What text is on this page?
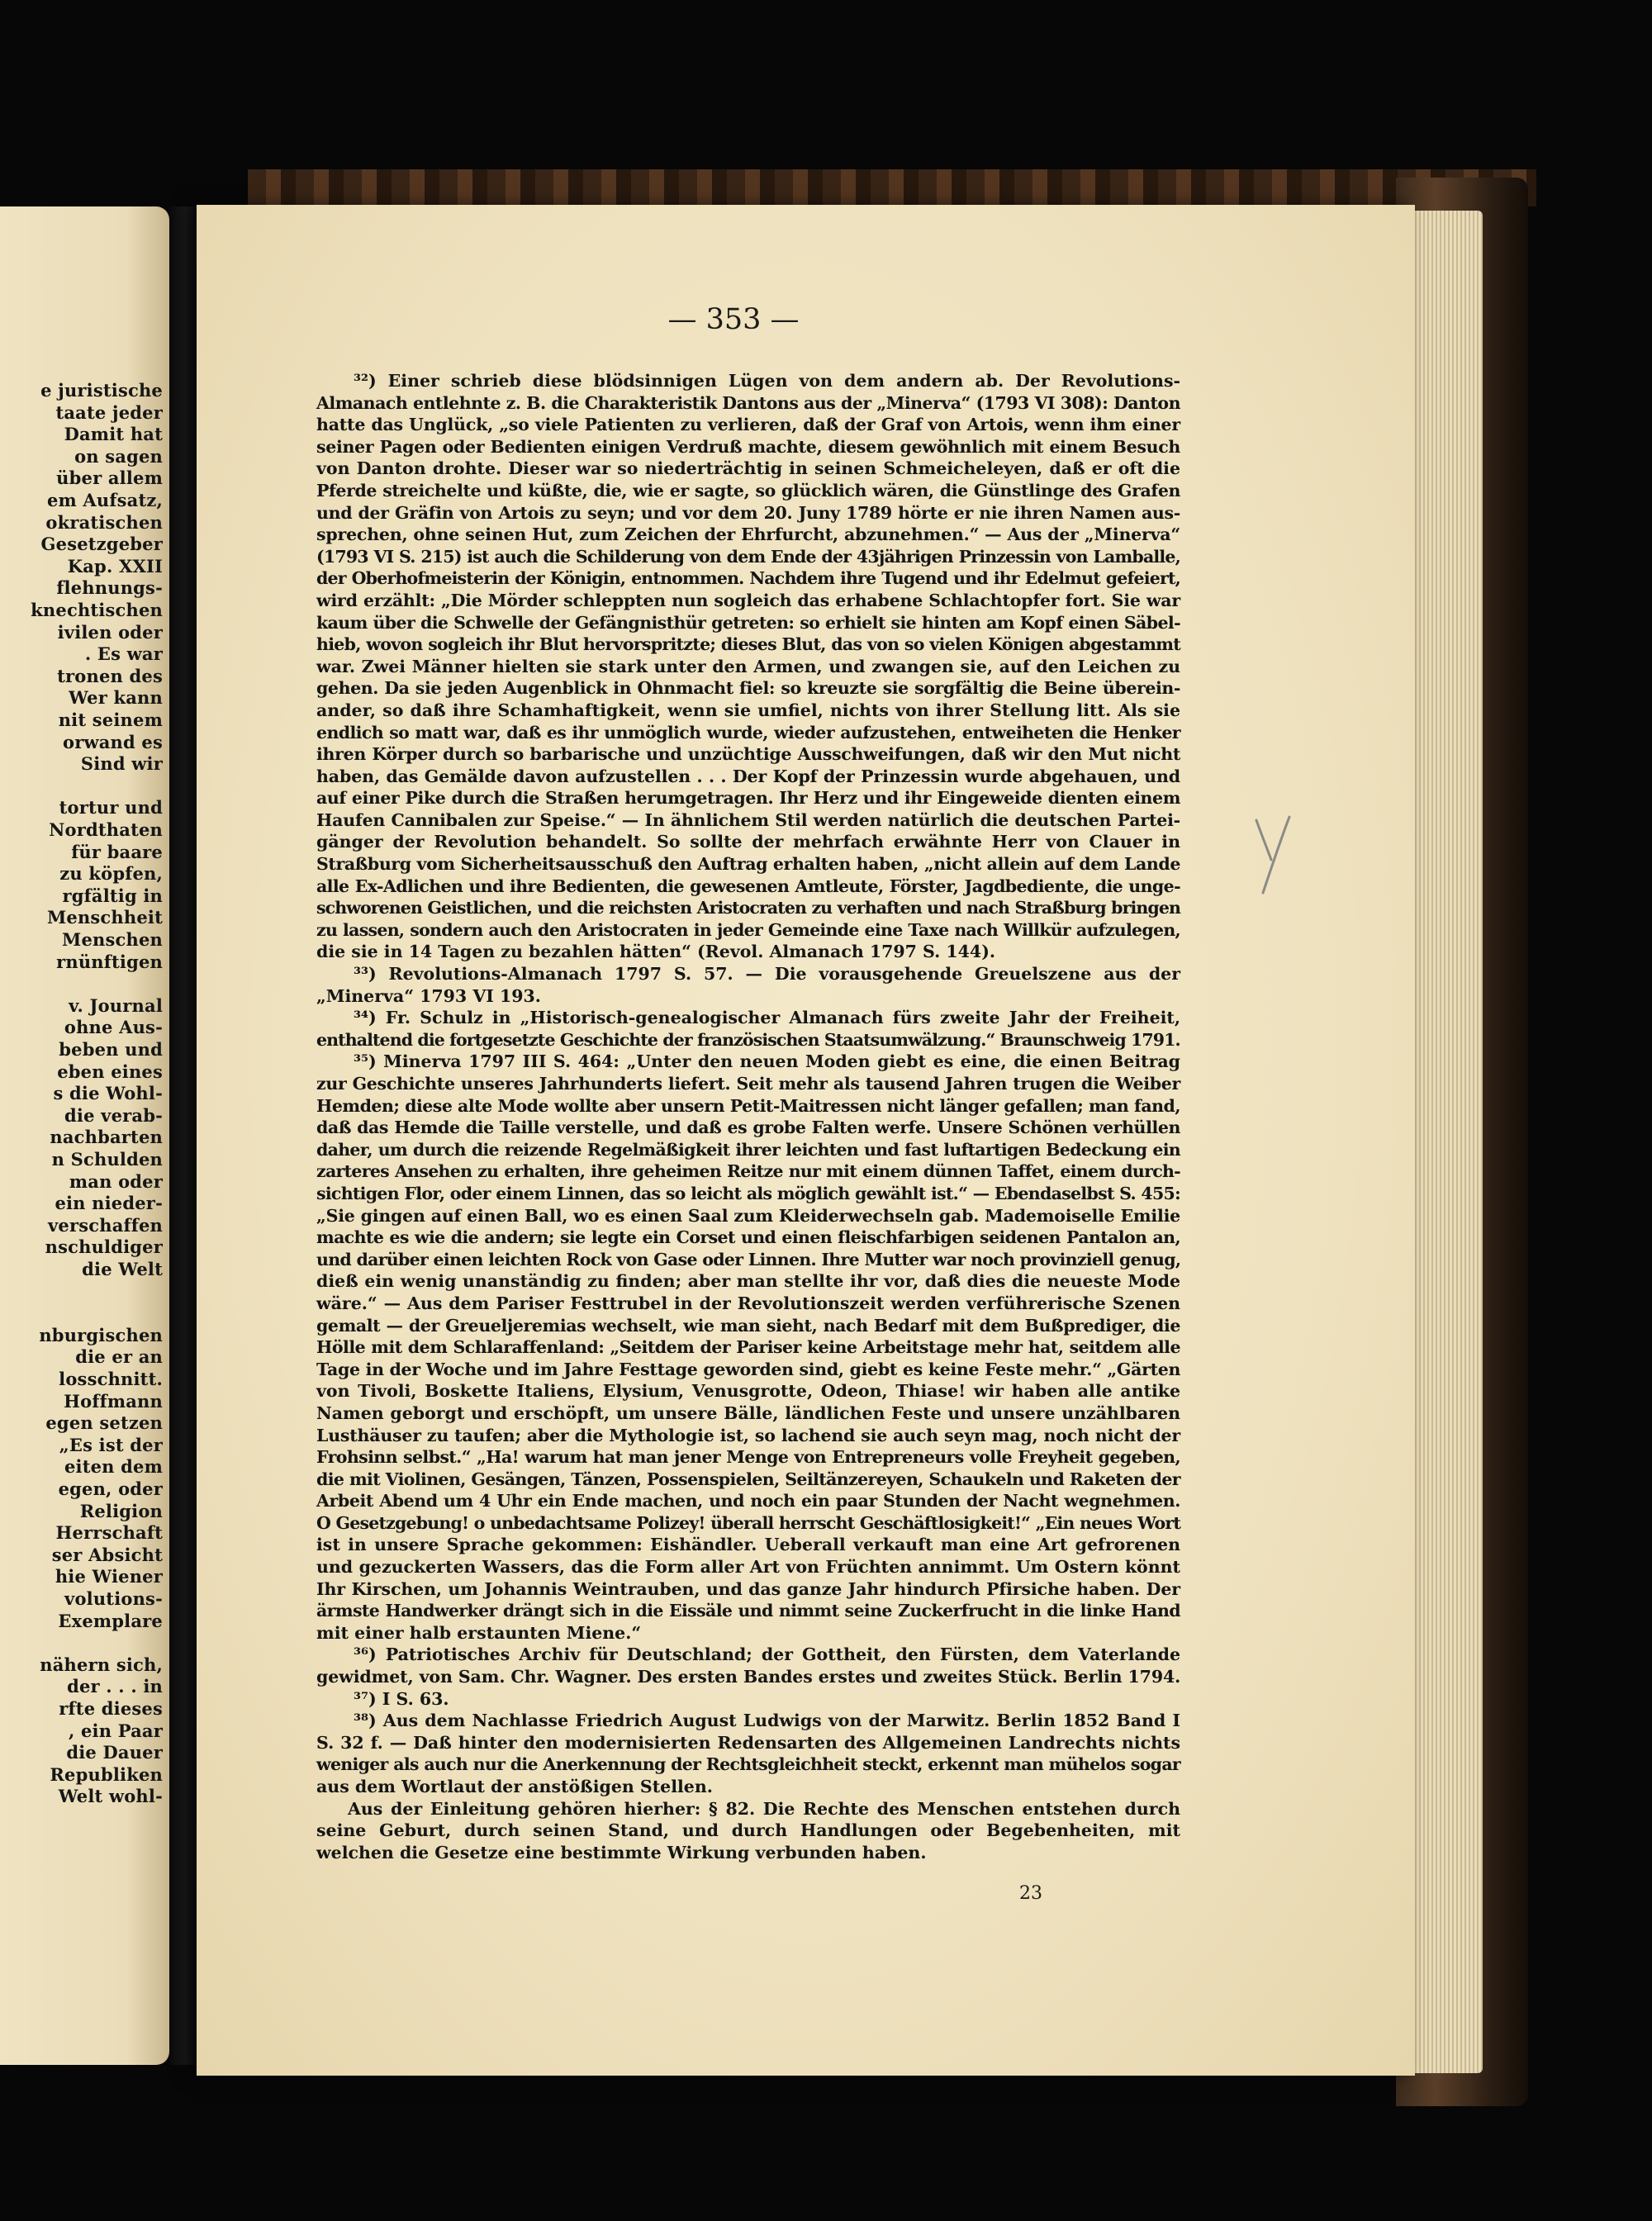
e juristische
taate jeder
Damit hat
on sagen
über allem
em Aufsatz,
okratischen
Gesetzgeber
Kap. XXII
flehnungs-
knechtischen
ivilen oder
. Es war
tronen des
Wer kann
nit seinem
orwand es
Sind wir
tortur und
Nordthaten
für baare
zu köpfen,
rgfältig in
Menschheit
Menschen
rnünftigen
v. Journal
ohne Aus-
beben und
eben eines
s die Wohl-
die verab-
nachbarten
n Schulden
man oder
ein nieder-
verschaffen
nschuldiger
die Welt
nburgischen
die er an
losschnitt.
Hoffmann
egen setzen
„Es ist der
eiten dem
egen, oder
Religion
Herrschaft
ser Absicht
hie Wiener
volutions-
Exemplare
nähern sich,
der . . . in
rfte dieses
, ein Paar
die Dauer
Republiken
Welt wohl-
— 353 —
³²) Einer schrieb diese blödsinnigen Lügen von dem andern ab. Der Revolutions-
Almanach entlehnte z. B. die Charakteristik Dantons aus der „Minerva“ (1793 VI 308): Danton
hatte das Unglück, „so viele Patienten zu verlieren, daß der Graf von Artois, wenn ihm einer
seiner Pagen oder Bedienten einigen Verdruß machte, diesem gewöhnlich mit einem Besuch
von Danton drohte. Dieser war so niederträchtig in seinen Schmeicheleyen, daß er oft die
Pferde streichelte und küßte, die, wie er sagte, so glücklich wären, die Günstlinge des Grafen
und der Gräfin von Artois zu seyn; und vor dem 20. Juny 1789 hörte er nie ihren Namen aus-
sprechen, ohne seinen Hut, zum Zeichen der Ehrfurcht, abzunehmen.“ — Aus der „Minerva“
(1793 VI S. 215) ist auch die Schilderung von dem Ende der 43jährigen Prinzessin von Lamballe,
der Oberhofmeisterin der Königin, entnommen. Nachdem ihre Tugend und ihr Edelmut gefeiert,
wird erzählt: „Die Mörder schleppten nun sogleich das erhabene Schlachtopfer fort. Sie war
kaum über die Schwelle der Gefängnisthür getreten: so erhielt sie hinten am Kopf einen Säbel-
hieb, wovon sogleich ihr Blut hervorspritzte; dieses Blut, das von so vielen Königen abgestammt
war. Zwei Männer hielten sie stark unter den Armen, und zwangen sie, auf den Leichen zu
gehen. Da sie jeden Augenblick in Ohnmacht fiel: so kreuzte sie sorgfältig die Beine überein-
ander, so daß ihre Schamhaftigkeit, wenn sie umfiel, nichts von ihrer Stellung litt. Als sie
endlich so matt war, daß es ihr unmöglich wurde, wieder aufzustehen, entweiheten die Henker
ihren Körper durch so barbarische und unzüchtige Ausschweifungen, daß wir den Mut nicht
haben, das Gemälde davon aufzustellen . . . Der Kopf der Prinzessin wurde abgehauen, und
auf einer Pike durch die Straßen herumgetragen. Ihr Herz und ihr Eingeweide dienten einem
Haufen Cannibalen zur Speise.“ — In ähnlichem Stil werden natürlich die deutschen Partei-
gänger der Revolution behandelt. So sollte der mehrfach erwähnte Herr von Clauer in
Straßburg vom Sicherheitsausschuß den Auftrag erhalten haben, „nicht allein auf dem Lande
alle Ex-Adlichen und ihre Bedienten, die gewesenen Amtleute, Förster, Jagdbediente, die unge-
schworenen Geistlichen, und die reichsten Aristocraten zu verhaften und nach Straßburg bringen
zu lassen, sondern auch den Aristocraten in jeder Gemeinde eine Taxe nach Willkür aufzulegen,
die sie in 14 Tagen zu bezahlen hätten“ (Revol. Almanach 1797 S. 144).
³³) Revolutions-Almanach 1797 S. 57. — Die vorausgehende Greuelszene aus der
„Minerva“ 1793 VI 193.
³⁴) Fr. Schulz in „Historisch-genealogischer Almanach fürs zweite Jahr der Freiheit,
enthaltend die fortgesetzte Geschichte der französischen Staatsumwälzung.“ Braunschweig 1791.
³⁵) Minerva 1797 III S. 464: „Unter den neuen Moden giebt es eine, die einen Beitrag
zur Geschichte unseres Jahrhunderts liefert. Seit mehr als tausend Jahren trugen die Weiber
Hemden; diese alte Mode wollte aber unsern Petit-Maitressen nicht länger gefallen; man fand,
daß das Hemde die Taille verstelle, und daß es grobe Falten werfe. Unsere Schönen verhüllen
daher, um durch die reizende Regelmäßigkeit ihrer leichten und fast luftartigen Bedeckung ein
zarteres Ansehen zu erhalten, ihre geheimen Reitze nur mit einem dünnen Taffet, einem durch-
sichtigen Flor, oder einem Linnen, das so leicht als möglich gewählt ist.“ — Ebendaselbst S. 455:
„Sie gingen auf einen Ball, wo es einen Saal zum Kleiderwechseln gab. Mademoiselle Emilie
machte es wie die andern; sie legte ein Corset und einen fleischfarbigen seidenen Pantalon an,
und darüber einen leichten Rock von Gase oder Linnen. Ihre Mutter war noch provinziell genug,
dieß ein wenig unanständig zu finden; aber man stellte ihr vor, daß dies die neueste Mode
wäre.“ — Aus dem Pariser Festtrubel in der Revolutionszeit werden verführerische Szenen
gemalt — der Greueljeremias wechselt, wie man sieht, nach Bedarf mit dem Bußprediger, die
Hölle mit dem Schlaraffenland: „Seitdem der Pariser keine Arbeitstage mehr hat, seitdem alle
Tage in der Woche und im Jahre Festtage geworden sind, giebt es keine Feste mehr.“ „Gärten
von Tivoli, Boskette Italiens, Elysium, Venusgrotte, Odeon, Thiase! wir haben alle antike
Namen geborgt und erschöpft, um unsere Bälle, ländlichen Feste und unsere unzählbaren
Lusthäuser zu taufen; aber die Mythologie ist, so lachend sie auch seyn mag, noch nicht der
Frohsinn selbst.“ „Ha! warum hat man jener Menge von Entrepreneurs volle Freyheit gegeben,
die mit Violinen, Gesängen, Tänzen, Possenspielen, Seiltänzereyen, Schaukeln und Raketen der
Arbeit Abend um 4 Uhr ein Ende machen, und noch ein paar Stunden der Nacht wegnehmen.
O Gesetzgebung! o unbedachtsame Polizey! überall herrscht Geschäftlosigkeit!“ „Ein neues Wort
ist in unsere Sprache gekommen: Eishändler. Ueberall verkauft man eine Art gefrorenen
und gezuckerten Wassers, das die Form aller Art von Früchten annimmt. Um Ostern könnt
Ihr Kirschen, um Johannis Weintrauben, und das ganze Jahr hindurch Pfirsiche haben. Der
ärmste Handwerker drängt sich in die Eissäle und nimmt seine Zuckerfrucht in die linke Hand
mit einer halb erstaunten Miene.“
³⁶) Patriotisches Archiv für Deutschland; der Gottheit, den Fürsten, dem Vaterlande
gewidmet, von Sam. Chr. Wagner. Des ersten Bandes erstes und zweites Stück. Berlin 1794.
³⁷) I S. 63.
³⁸) Aus dem Nachlasse Friedrich August Ludwigs von der Marwitz. Berlin 1852 Band I
S. 32 f. — Daß hinter den modernisierten Redensarten des Allgemeinen Landrechts nichts
weniger als auch nur die Anerkennung der Rechtsgleichheit steckt, erkennt man mühelos sogar
aus dem Wortlaut der anstößigen Stellen.
Aus der Einleitung gehören hierher: § 82. Die Rechte des Menschen entstehen durch
seine Geburt, durch seinen Stand, und durch Handlungen oder Begebenheiten, mit
welchen die Gesetze eine bestimmte Wirkung verbunden haben.
23
